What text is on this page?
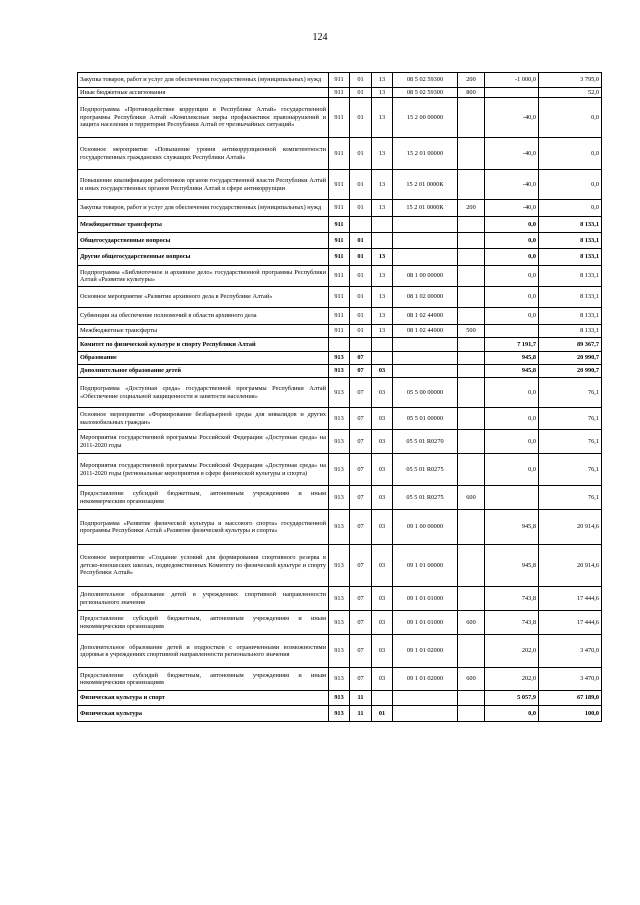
124
Закупка товаров, работ и услуг для обеспечения государственных (муниципальных) нужд	911	01	13	08 5 02 59300	200	-1 000,0	3 795,0
Иные бюджетные ассигнования	911	01	13	08 5 02 59300	800		52,0
Подпрограмма «Противодействие коррупции в Республике Алтай» государственной программы Республики Алтай «Комплексные меры профилактики правонарушений и защита населения и территории Республики Алтай от чрезвычайных ситуаций»	911	01	13	15 2 00 00000		-40,0	0,0
Основное мероприятие «Повышение уровня антикоррупционной компетентности государственных гражданских служащих Республики Алтай»	911	01	13	15 2 01 00000		-40,0	0,0
Повышение квалификации работников органов государственной власти Республики Алтай и иных государственных органов Республики Алтай в сфере антикоррупции	911	01	13	15 2 01 0000К		-40,0	0,0
Закупка товаров, работ и услуг для обеспечения государственных (муниципальных) нужд	911	01	13	15 2 01 0000К	200	-40,0	0,0
Межбюджетные трансферты	911					0,0	8 133,1
Общегосударственные вопросы	911	01				0,0	8 133,1
Другие общегосударственные вопросы	911	01	13			0,0	8 133,1
Подпрограмма «Библиотечное и архивное дело» государственной программы Республики Алтай «Развитие культуры»	911	01	13	08 1 00 00000		0,0	8 133,1
Основное мероприятие «Развитие архивного дела в Республике Алтай»	911	01	13	08 1 02 00000		0,0	8 133,1
Субвенции на обеспечение полномочий в области архивного дела	911	01	13	08 1 02 44900		0,0	8 133,1
Межбюджетные трансферты	911	01	13	08 1 02 44900	500		8 133,1
Комитет по физической культуре и спорту Республики Алтай						7 191,7	89 367,7
Образование	913	07				945,8	20 990,7
Дополнительное образование детей	913	07	03			945,8	20 990,7
Подпрограмма «Доступная среда» государственной программы Республики Алтай «Обеспечение социальной защищенности и занятости населения»	913	07	03	05 5 00 00000		0,0	76,1
Основное мероприятие «Формирование безбарьерной среды для инвалидов и других маломобильных граждан»	913	07	03	05 5 01 00000		0,0	76,1
Мероприятия государственной программы Российской Федерации «Доступная среда» на 2011-2020 годы	913	07	03	05 5 01 R0270		0,0	76,1
Мероприятия государственной программы Российской Федерации «Доступная среда» на 2011-2020 годы (региональные мероприятия в сфере физической культуры и спорта)	913	07	03	05 5 01 R0275		0,0	76,1
Предоставление субсидий бюджетным, автономным учреждениям и иным некоммерческим организациям	913	07	03	05 5 01 R0275	600		76,1
Подпрограмма «Развитие физической культуры и массового спорта» государственной программы Республики Алтай «Развитие физической культуры и спорта»	913	07	03	09 1 00 00000		945,8	20 914,6
Основное мероприятие «Создание условий для формирования спортивного резерва в детско-юношеских школах, подведомственных Комитету по физической культуре и спорту Республики Алтай»	913	07	03	09 1 01 00000		945,8	20 914,6
Дополнительное образование детей в учреждениях спортивной направленности регионального значения	913	07	03	09 1 01 01000		743,8	17 444,6
Предоставление субсидий бюджетным, автономным учреждениям и иным некоммерческим организациям	913	07	03	09 1 01 01000	600	743,8	17 444,6
Дополнительное образование детей и подростков с ограниченными возможностями здоровья в учреждениях спортивной направленности регионального значения	913	07	03	09 1 01 02000		202,0	3 470,0
Предоставление субсидий бюджетным, автономным учреждениям и иным некоммерческим организациям	913	07	03	09 1 01 02000	600	202,0	3 470,0
Физическая культура и спорт	913	11				5 057,9	67 189,0
Физическая культура	913	11	01			0,0	100,0
